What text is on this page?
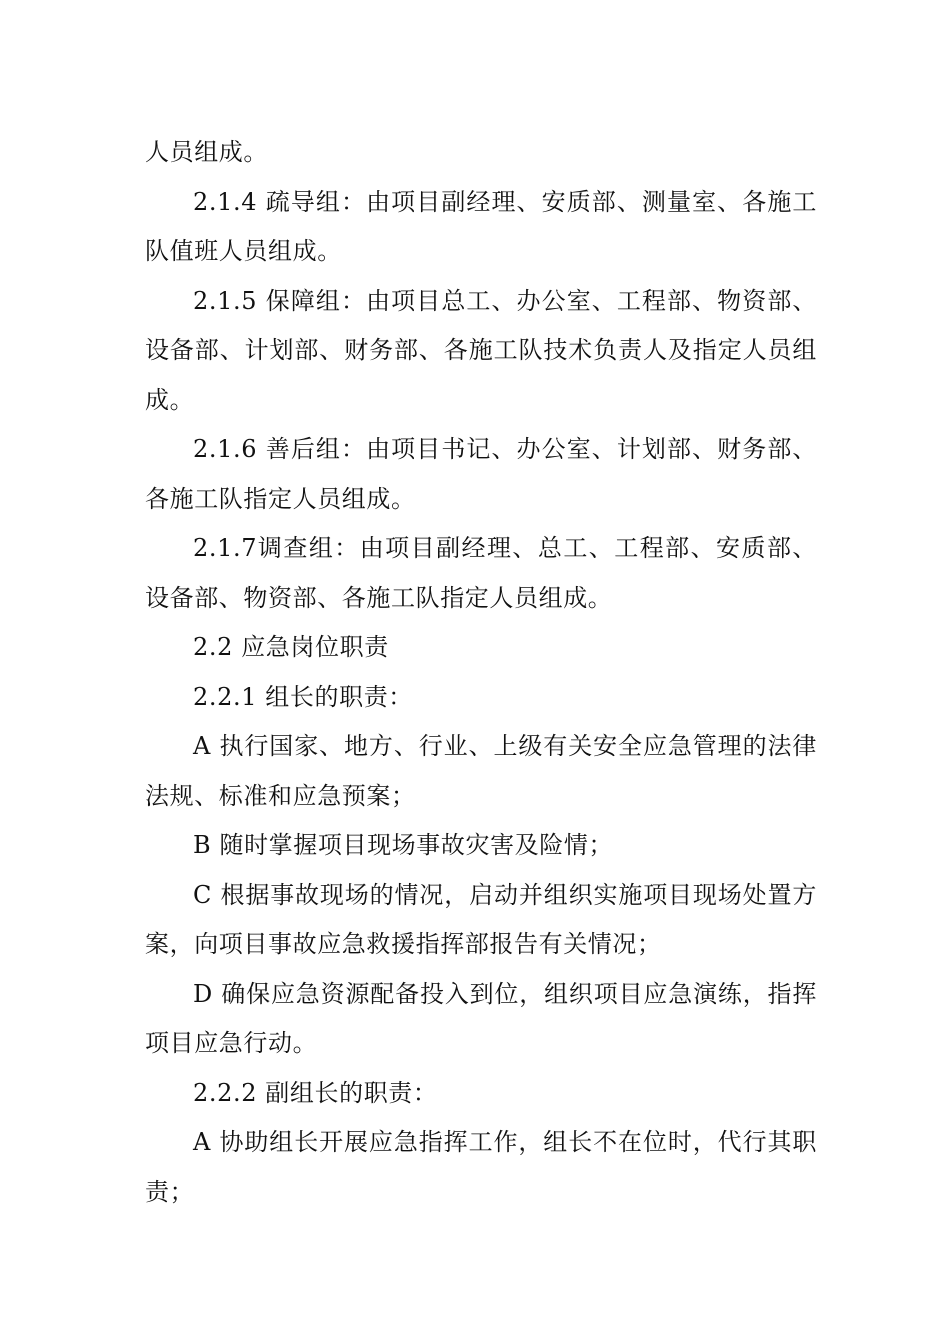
人员组成。

2.1.4 疏导组：由项目副经理、安质部、测量室、各施工队值班人员组成。

2.1.5 保障组：由项目总工、办公室、工程部、物资部、设备部、计划部、财务部、各施工队技术负责人及指定人员组成。

2.1.6 善后组：由项目书记、办公室、计划部、财务部、各施工队指定人员组成。

2.1.7调查组：由项目副经理、总工、工程部、安质部、设备部、物资部、各施工队指定人员组成。

2.2 应急岗位职责

2.2.1 组长的职责：

A 执行国家、地方、行业、上级有关安全应急管理的法律法规、标准和应急预案；

B 随时掌握项目现场事故灾害及险情；

C 根据事故现场的情况，启动并组织实施项目现场处置方案，向项目事故应急救援指挥部报告有关情况；

D 确保应急资源配备投入到位，组织项目应急演练，指挥项目应急行动。

2.2.2 副组长的职责：

A 协助组长开展应急指挥工作，组长不在位时，代行其职责；
